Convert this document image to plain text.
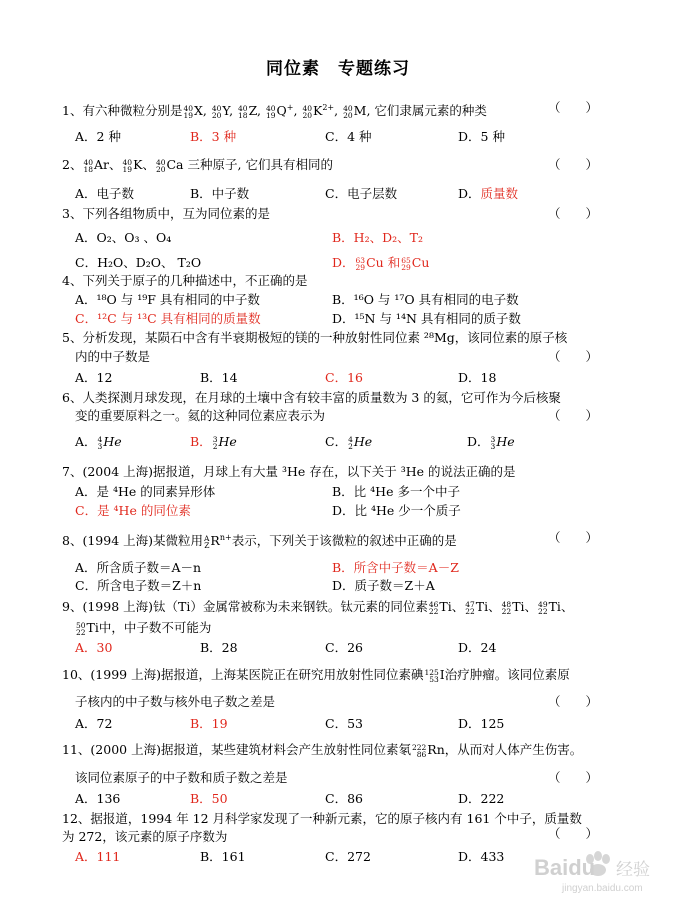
同位素　专题练习
1、有六种微粒分别是 40
19 X, 40
20 Y, 40
18 Z, 40
19 Q+, 40
20 $K^{2+}$, 40
20 M, 它们隶属元素的种类	（　　）
A．2 种	B．3 种	C．4 种	D．5 种
2、 40
18 Ar、 40
19 K、 40
20 Ca 三种原子, 它们具有相同的	（　　）
A．电子数	B．中子数	C．电子层数	D．质量数
3、下列各组物质中，互为同位素的是	（　　）
A．O₂、O₃ 、O₄	B．H₂、D₂、T₂
C．H₂O、D₂O、 T₂O	D． 63
29 Cu 和 65
29 Cu
4、下列关于原子的几种描述中，不正确的是
A．¹⁸O 与 ¹⁹F 具有相同的中子数	B．¹⁶O 与 ¹⁷O 具有相同的电子数
C．¹²C 与 ¹³C 具有相同的质量数	D．¹⁵N 与 ¹⁴N 具有相同的质子数
5、分析发现，某陨石中含有半衰期极短的镁的一种放射性同位素 ²⁸Mg，该同位素的原子核
内的中子数是	（　　）
A．12	B．14	C．16	D．18
6、人类探测月球发现，在月球的土壤中含有较丰富的质量数为 3 的氦，它可作为今后核聚
变的重要原料之一。氦的这种同位素应表示为	（　　）
A． 4
3 He	B． 3
2 He	C． 4
2 He	D． 3
3 He
7、(2004 上海)据报道，月球上有大量 ³He 存在，以下关于 ³He 的说法正确的是
A．是 ⁴He 的同素异形体	B．比 ⁴He 多一个中子
C．是 ⁴He 的同位素	D．比 ⁴He 少一个质子
8、(1994 上海)某微粒用 A
Z $R^{n+}$表示，下列关于该微粒的叙述中正确的是	（　　）
A．所含质子数＝A－n	B．所含中子数＝A－Z
C．所含电子数＝Z＋n	D．质子数＝Z＋A
9、(1998 上海)钛（Ti）金属常被称为未来钢铁。钛元素的同位素 46
22 Ti、 47
22 Ti、 48
22 Ti、 49
22 Ti、
50
22 Ti中，中子数不可能为
A．30	B．28	C．26	D．24
10、(1999 上海)据报道，上海某医院正在研究用放射性同位素碘 125
53 I治疗肿瘤。该同位素原
子核内的中子数与核外电子数之差是	（　　）
A．72	B．19	C．53	D．125
11、(2000 上海)据报道，某些建筑材料会产生放射性同位素氡 222
86 Rn，从而对人体产生伤害。
该同位素原子的中子数和质子数之差是	（　　）
A．136	B．50	C．86	D．222
12、据报道，1994 年 12 月科学家发现了一种新元素，它的原子核内有 161 个中子，质量数
为 272，该元素的原子序数为	（　　）
A．111	B．161	C．272	D．433 Baidu 经验
jingyan.baidu.com
